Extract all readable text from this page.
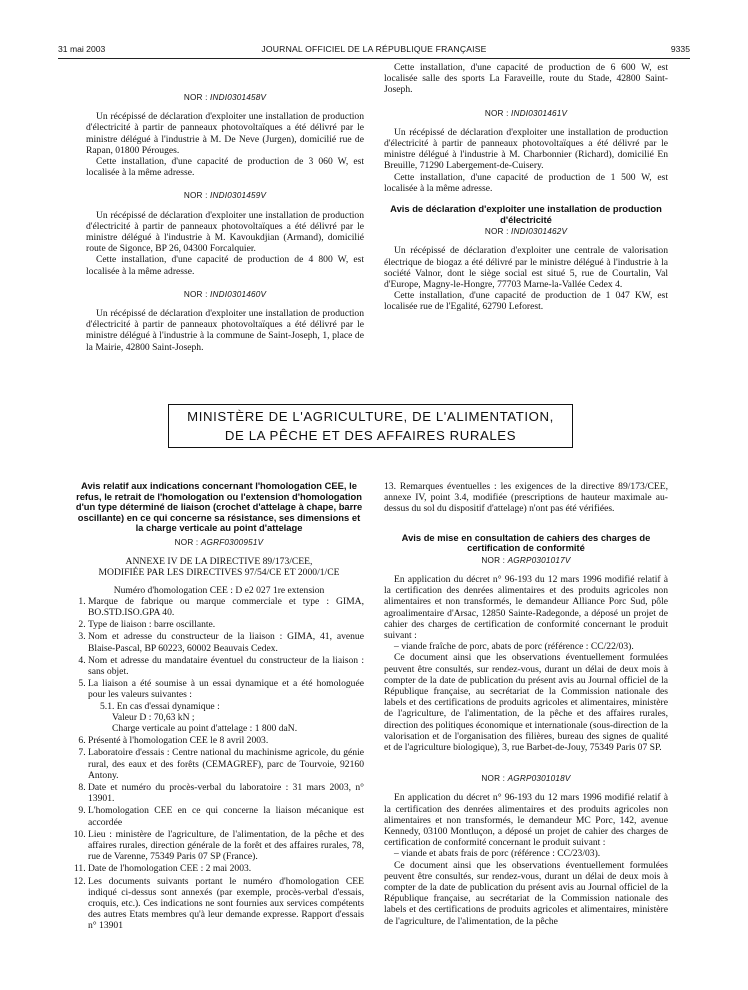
31 mai 2003	JOURNAL OFFICIEL DE LA RÉPUBLIQUE FRANÇAISE	9335
NOR : INDI0301458V

Un récépissé de déclaration d'exploiter une installation de production d'électricité à partir de panneaux photovoltaïques a été délivré par le ministre délégué à l'industrie à M. De Neve (Jurgen), domicilié rue de Rapan, 01800 Pérouges.

Cette installation, d'une capacité de production de 3 060 W, est localisée à la même adresse.

NOR : INDI0301459V

Un récépissé de déclaration d'exploiter une installation de production d'électricité à partir de panneaux photovoltaïques a été délivré par le ministre délégué à l'industrie à M. Kavoukdjian (Armand), domicilié route de Sigonce, BP 26, 04300 Forcalquier.

Cette installation, d'une capacité de production de 4 800 W, est localisée à la même adresse.

NOR : INDI0301460V

Un récépissé de déclaration d'exploiter une installation de production d'électricité à partir de panneaux photovoltaïques a été délivré par le ministre délégué à l'industrie à la commune de Saint-Joseph, 1, place de la Mairie, 42800 Saint-Joseph.

Cette installation, d'une capacité de production de 6 600 W, est localisée salle des sports La Faraveille, route du Stade, 42800 Saint-Joseph.

NOR : INDI0301461V

Un récépissé de déclaration d'exploiter une installation de production d'électricité à partir de panneaux photovoltaïques a été délivré par le ministre délégué à l'industrie à M. Charbonnier (Richard), domicilié En Breuille, 71290 Labergement-de-Cuisery.

Cette installation, d'une capacité de production de 1 500 W, est localisée à la même adresse.

Avis de déclaration d'exploiter une installation de production d'électricité
NOR : INDI0301462V

Un récépissé de déclaration d'exploiter une centrale de valorisation électrique de biogaz a été délivré par le ministre délégué à l'industrie à la société Valnor, dont le siège social est situé 5, rue de Courtalin, Val d'Europe, Magny-le-Hongre, 77703 Marne-la-Vallée Cedex 4.

Cette installation, d'une capacité de production de 1 047 KW, est localisée rue de l'Egalité, 62790 Leforest.

MINISTÈRE DE L'AGRICULTURE, DE L'ALIMENTATION,
DE LA PÊCHE ET DES AFFAIRES RURALES
Avis relatif aux indications concernant l'homologation CEE, le refus, le retrait de l'homologation ou l'extension d'homologation d'un type déterminé de liaison (crochet d'attelage à chape, barre oscillante) en ce qui concerne sa résistance, ses dimensions et la charge verticale au point d'attelage
NOR : AGRF0300951V

ANNEXE IV DE LA DIRECTIVE 89/173/CEE,

MODIFIÉE PAR LES DIRECTIVES 97/54/CE ET 2000/1/CE

Numéro d'homologation CEE : D e2 027 1re extension

1. Marque de fabrique ou marque commerciale et type : GIMA, BO.STD.ISO.GPA 40.
2. Type de liaison : barre oscillante.
3. Nom et adresse du constructeur de la liaison : GIMA, 41, avenue Blaise-Pascal, BP 60223, 60002 Beauvais Cedex.
4. Nom et adresse du mandataire éventuel du constructeur de la liaison : sans objet.
5. La liaison a été soumise à un essai dynamique et a été homologuée pour les valeurs suivantes :
5.1. En cas d'essai dynamique :
Valeur D : 70,63 kN ;
Charge verticale au point d'attelage : 1 800 daN.
6. Présenté à l'homologation CEE le 8 avril 2003.
7. Laboratoire d'essais : Centre national du machinisme agricole, du génie rural, des eaux et des forêts (CEMAGREF), parc de Tourvoie, 92160 Antony.
8. Date et numéro du procès-verbal du laboratoire : 31 mars 2003, n° 13901.
9. L'homologation CEE en ce qui concerne la liaison mécanique est accordée
10. Lieu : ministère de l'agriculture, de l'alimentation, de la pêche et des affaires rurales, direction générale de la forêt et des affaires rurales, 78, rue de Varenne, 75349 Paris 07 SP (France).
11. Date de l'homologation CEE : 2 mai 2003.
12. Les documents suivants portant le numéro d'homologation CEE indiqué ci-dessus sont annexés (par exemple, procès-verbal d'essais, croquis, etc.). Ces indications ne sont fournies aux services compétents des autres Etats membres qu'à leur demande expresse. Rapport d'essais n° 13901

13. Remarques éventuelles : les exigences de la directive 89/173/CEE, annexe IV, point 3.4, modifiée (prescriptions de hauteur maximale au-dessus du sol du dispositif d'attelage) n'ont pas été vérifiées.

Avis de mise en consultation de cahiers des charges de certification de conformité
NOR : AGRP0301017V

En application du décret n° 96-193 du 12 mars 1996 modifié relatif à la certification des denrées alimentaires et des produits agricoles non alimentaires et non transformés, le demandeur Alliance Porc Sud, pôle agroalimentaire d'Arsac, 12850 Sainte-Radegonde, a déposé un projet de cahier des charges de certification de conformité concernant le produit suivant :

– viande fraîche de porc, abats de porc (référence : CC/22/03).

Ce document ainsi que les observations éventuellement formulées peuvent être consultés, sur rendez-vous, durant un délai de deux mois à compter de la date de publication du présent avis au Journal officiel de la République française, au secrétariat de la Commission nationale des labels et des certifications de produits agricoles et alimentaires, ministère de l'agriculture, de l'alimentation, de la pêche et des affaires rurales, direction des politiques économique et internationale (sous-direction de la valorisation et de l'organisation des filières, bureau des signes de qualité et de l'agriculture biologique), 3, rue Barbet-de-Jouy, 75349 Paris 07 SP.

NOR : AGRP0301018V

En application du décret n° 96-193 du 12 mars 1996 modifié relatif à la certification des denrées alimentaires et des produits agricoles non alimentaires et non transformés, le demandeur MC Porc, 142, avenue Kennedy, 03100 Montluçon, a déposé un projet de cahier des charges de certification de conformité concernant le produit suivant :

– viande et abats frais de porc (référence : CC/23/03).

Ce document ainsi que les observations éventuellement formulées peuvent être consultés, sur rendez-vous, durant un délai de deux mois à compter de la date de publication du présent avis au Journal officiel de la République française, au secrétariat de la Commission nationale des labels et des certifications de produits agricoles et alimentaires, ministère de l'agriculture, de l'alimentation, de la pêche
